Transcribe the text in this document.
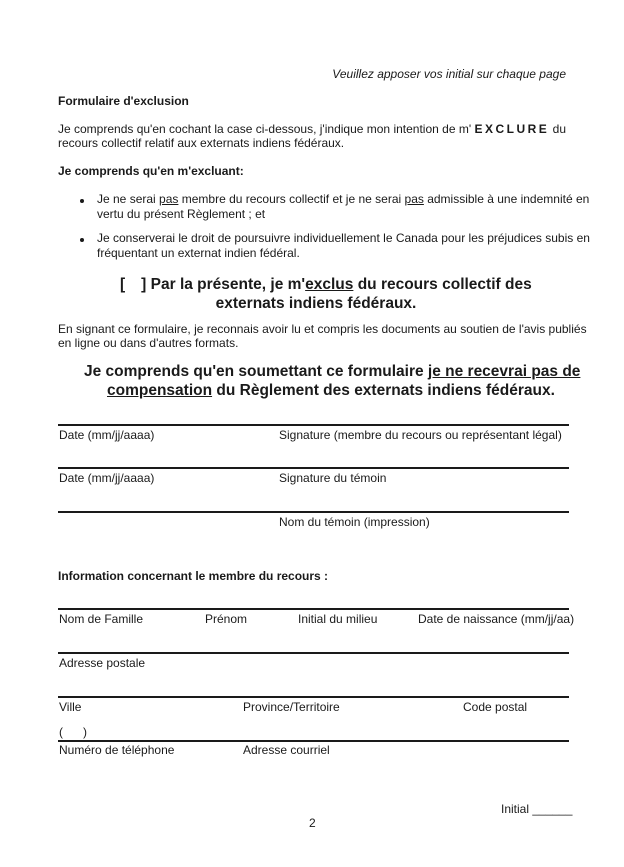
Veuillez apposer vos initial sur chaque page
Formulaire d'exclusion
Je comprends qu'en cochant la case ci-dessous, j'indique mon intention de m' EXCLURE du
recours collectif relatif aux externats indiens fédéraux.
Je comprends qu'en m'excluant:
Je ne serai pas membre du recours collectif et je ne serai pas admissible à une indemnité en
vertu du présent Règlement ; et
Je conserverai le droit de poursuivre individuellement le Canada pour les préjudices subis en
fréquentant un externat indien fédéral.
[ ] Par la présente, je m'exclus du recours collectif des
externats indiens fédéraux.
En signant ce formulaire, je reconnais avoir lu et compris les documents au soutien de l'avis publiés
en ligne ou dans d'autres formats.
Je comprends qu'en soumettant ce formulaire je ne recevrai pas de
compensation du Règlement des externats indiens fédéraux.
Date (mm/jj/aaaa)	Signature (membre du recours ou représentant légal)
Date (mm/jj/aaaa)	Signature du témoin
Nom du témoin (impression)
Information concernant le membre du recours :
Nom de Famille	Prénom	Initial du milieu	Date de naissance (mm/jj/aa)
Adresse postale
Ville	Province/Territoire	Code postal
(      )
Numéro de téléphone	Adresse courriel
Initial ______
2
